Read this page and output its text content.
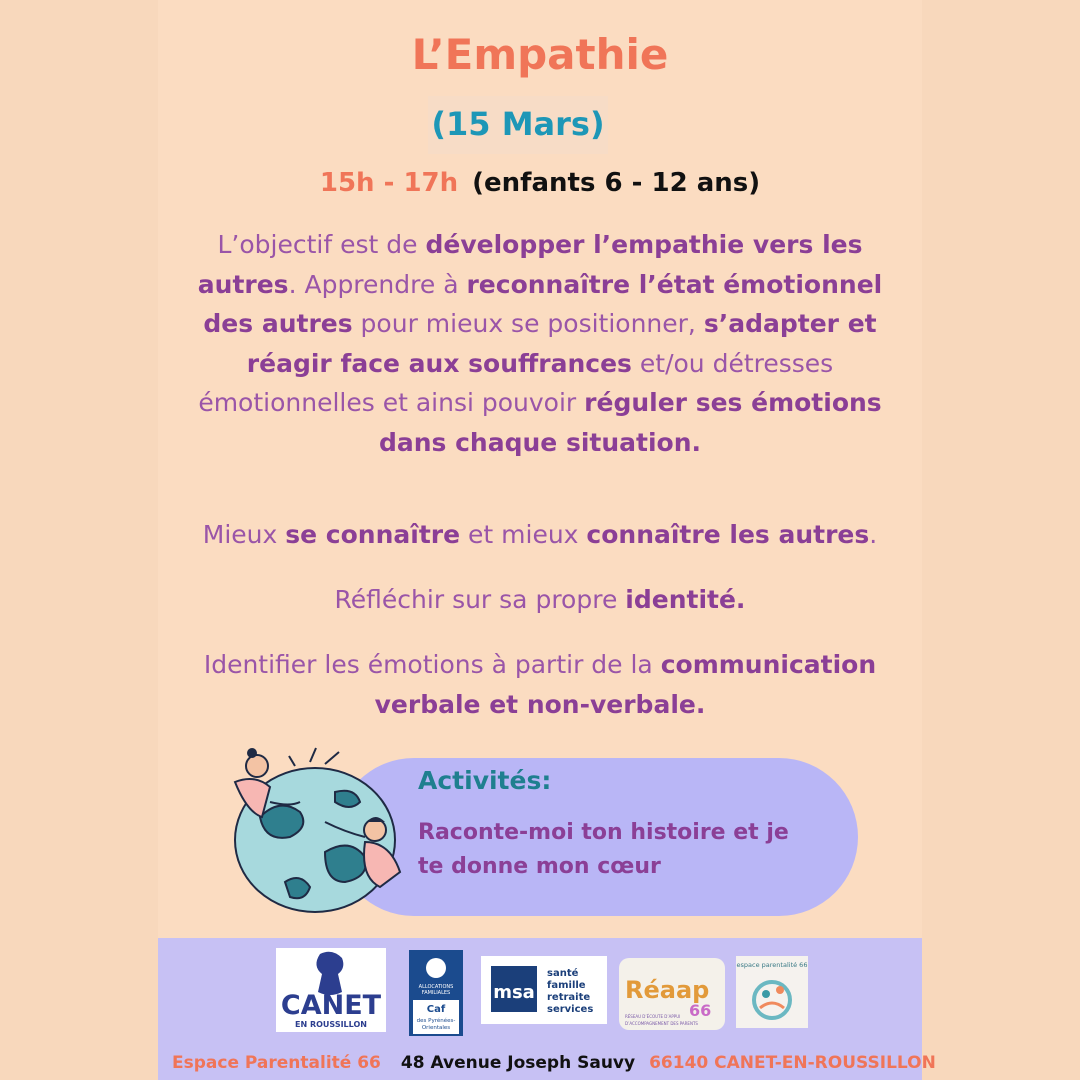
L’Empathie
(15 Mars)
15h - 17h (enfants 6 - 12 ans)
L’objectif est de développer l’empathie vers les autres. Apprendre à reconnaître l’état émotionnel des autres pour mieux se positionner, s’adapter et réagir face aux souffrances et/ou détresses émotionnelles et ainsi pouvoir réguler ses émotions dans chaque situation.
Mieux se connaître et mieux connaître les autres.
Réfléchir sur sa propre identité.
Identifier les émotions à partir de la communication verbale et non-verbale.
Activités:
Raconte-moi ton histoire et je te donne mon cœur
CANET
EN ROUSSILLON
ALLOCATIONS
FAMILIALES
Caf
des Pyrénées-
Orientales
msa
santé
famille
retraite
services
Réaap
66
RÉSEAU D’ÉCOUTE D’APPUI
D’ACCOMPAGNEMENT DES PARENTS
espace parentalité 66
Espace Parentalité 66 48 Avenue Joseph Sauvy 66140 CANET-EN-ROUSSILLON
